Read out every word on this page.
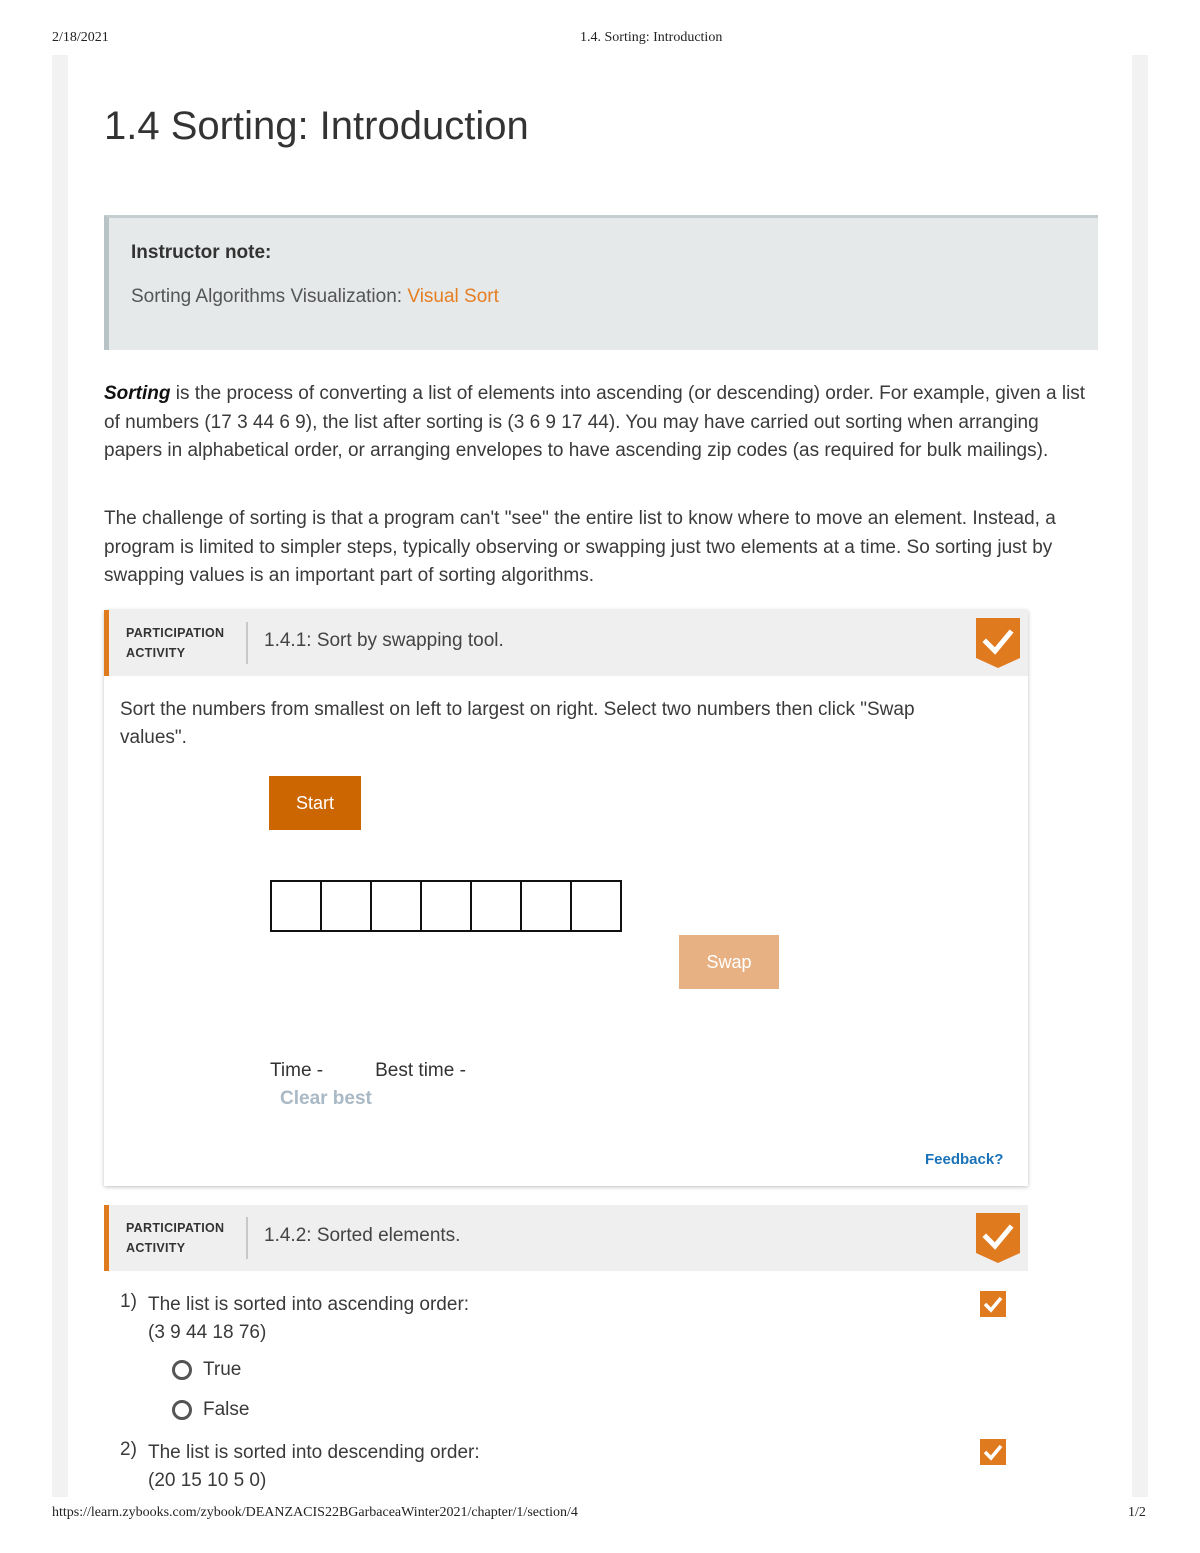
2/18/2021	1.4. Sorting: Introduction
1.4 Sorting: Introduction
Instructor note:
Sorting Algorithms Visualization: Visual Sort

Sorting is the process of converting a list of elements into ascending (or descending) order. For example, given a list of numbers (17 3 44 6 9), the list after sorting is (3 6 9 17 44). You may have carried out sorting when arranging papers in alphabetical order, or arranging envelopes to have ascending zip codes (as required for bulk mailings).

The challenge of sorting is that a program can't "see" the entire list to know where to move an element. Instead, a program is limited to simpler steps, typically observing or swapping just two elements at a time. So sorting just by swapping values is an important part of sorting algorithms.

PARTICIPATION
ACTIVITY
1.4.1: Sort by swapping tool.
Sort the numbers from smallest on left to largest on right. Select two numbers then click "Swap values".
Start
Swap
Time -	Best time -
Clear best
Feedback?
PARTICIPATION
ACTIVITY
1.4.2: Sorted elements.
1) The list is sorted into ascending order:
(3 9 44 18 76)
True
False
2) The list is sorted into descending order:
(20 15 10 5 0)
https://learn.zybooks.com/zybook/DEANZACIS22BGarbaceaWinter2021/chapter/1/section/4	1/2
